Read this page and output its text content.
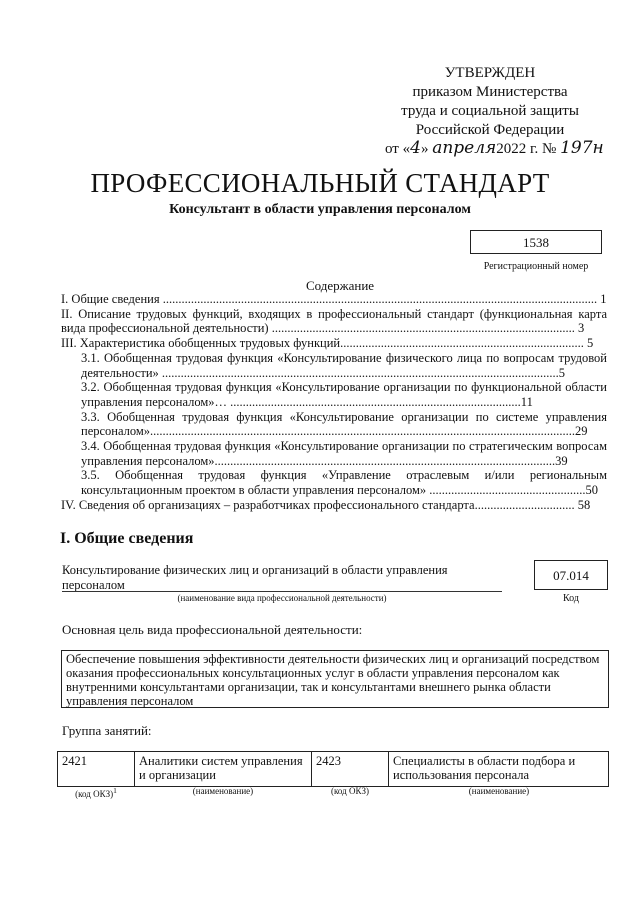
УТВЕРЖДЕН
приказом Министерства
труда и социальной защиты
Российской Федерации
от «4» апреля2022 г. № 197н
ПРОФЕССИОНАЛЬНЫЙ СТАНДАРТ
Консультант в области управления персоналом
1538
Регистрационный номер
Содержание
I. Общие сведения ........................................................................................................................................... 1
II. Описание трудовых функций, входящих в профессиональный стандарт (функциональная карта вида профессиональной деятельности) ................................................................................................. 3
III. Характеристика обобщенных трудовых функций.............................................................................. 5
3.1. Обобщенная трудовая функция «Консультирование физического лица по вопросам трудовой деятельности» ...............................................................................................................................5
3.2. Обобщенная трудовая функция «Консультирование организации по функциональной области управления персоналом»… .............................................................................................11
3.3. Обобщенная трудовая функция «Консультирование организации по системе управления персоналом»........................................................................................................................................29
3.4. Обобщенная трудовая функция «Консультирование организации по стратегическим вопросам управления персоналом».............................................................................................................39
3.5. Обобщенная трудовая функция «Управление отраслевым и/или региональным консультационным проектом в области управления персоналом» ..................................................50
IV. Сведения об организациях – разработчиках профессионального стандарта................................ 58
I. Общие сведения
Консультирование физических лиц и организаций в области управления персоналом
(наименование вида профессиональной деятельности)
07.014
Код
Основная цель вида профессиональной деятельности:
Обеспечение повышения эффективности деятельности физических лиц и организаций посредством оказания профессиональных консультационных услуг в области управления персоналом как внутренними консультантами организации, так и консультантами внешнего рынка области управления персоналом
Группа занятий:
2421	Аналитики систем управления и организации	2423	Специалисты в области подбора и использования персонала
(код ОКЗ)$^1$	(наименование)	(код ОКЗ)	(наименование)
